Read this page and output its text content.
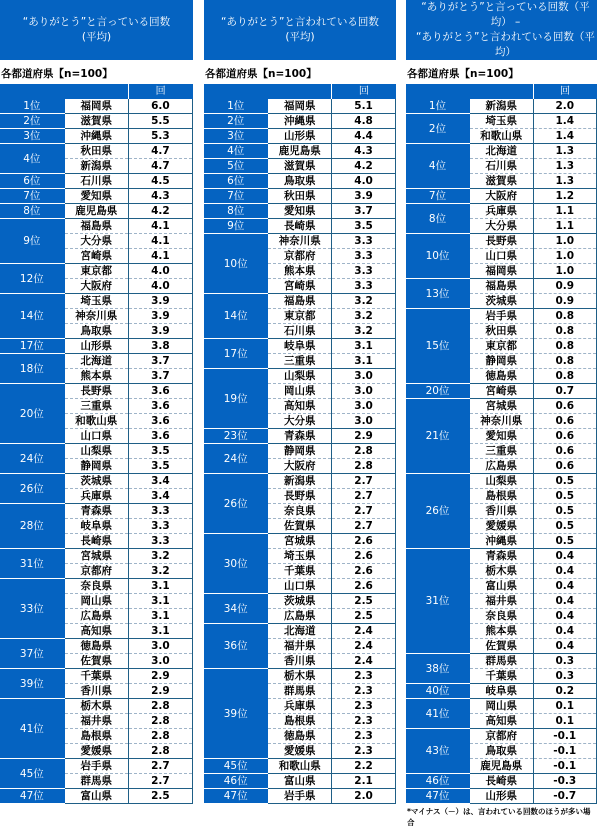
“ありがとう”と言っている回数
(平均)
各都道府県【n=100】
		回
1位	福岡県	6.0
2位	滋賀県	5.5
3位	沖縄県	5.3
4位	秋田県	4.7
	新潟県	4.7
6位	石川県	4.5
7位	愛知県	4.3
8位	鹿児島県	4.2
9位	福島県	4.1
	大分県	4.1
	宮崎県	4.1
12位	東京都	4.0
	大阪府	4.0
14位	埼玉県	3.9
	神奈川県	3.9
	鳥取県	3.9
17位	山形県	3.8
18位	北海道	3.7
	熊本県	3.7
20位	長野県	3.6
	三重県	3.6
	和歌山県	3.6
	山口県	3.6
24位	山梨県	3.5
	静岡県	3.5
26位	茨城県	3.4
	兵庫県	3.4
28位	青森県	3.3
	岐阜県	3.3
	長崎県	3.3
31位	宮城県	3.2
	京都府	3.2
33位	奈良県	3.1
	岡山県	3.1
	広島県	3.1
	高知県	3.1
37位	徳島県	3.0
	佐賀県	3.0
39位	千葉県	2.9
	香川県	2.9
41位	栃木県	2.8
	福井県	2.8
	島根県	2.8
	愛媛県	2.8
45位	岩手県	2.7
	群馬県	2.7
47位	富山県	2.5
“ありがとう”と言われている回数
(平均)
各都道府県【n=100】
		回
1位	福岡県	5.1
2位	沖縄県	4.8
3位	山形県	4.4
4位	鹿児島県	4.3
5位	滋賀県	4.2
6位	鳥取県	4.0
7位	秋田県	3.9
8位	愛知県	3.7
9位	長崎県	3.5
10位	神奈川県	3.3
	京都府	3.3
	熊本県	3.3
	宮崎県	3.3
14位	福島県	3.2
	東京都	3.2
	石川県	3.2
17位	岐阜県	3.1
	三重県	3.1
19位	山梨県	3.0
	岡山県	3.0
	高知県	3.0
	大分県	3.0
23位	青森県	2.9
24位	静岡県	2.8
	大阪府	2.8
26位	新潟県	2.7
	長野県	2.7
	奈良県	2.7
	佐賀県	2.7
30位	宮城県	2.6
	埼玉県	2.6
	千葉県	2.6
	山口県	2.6
34位	茨城県	2.5
	広島県	2.5
36位	北海道	2.4
	福井県	2.4
	香川県	2.4
39位	栃木県	2.3
	群馬県	2.3
	兵庫県	2.3
	島根県	2.3
	徳島県	2.3
	愛媛県	2.3
45位	和歌山県	2.2
46位	富山県	2.1
47位	岩手県	2.0
“ありがとう”と言っている回数（平均） –
“ありがとう”と言われている回数（平均）
各都道府県【n=100】
		回
1位	新潟県	2.0
2位	埼玉県	1.4
	和歌山県	1.4
4位	北海道	1.3
	石川県	1.3
	滋賀県	1.3
7位	大阪府	1.2
8位	兵庫県	1.1
	大分県	1.1
10位	長野県	1.0
	山口県	1.0
	福岡県	1.0
13位	福島県	0.9
	茨城県	0.9
15位	岩手県	0.8
	秋田県	0.8
	東京都	0.8
	静岡県	0.8
	徳島県	0.8
20位	宮崎県	0.7
21位	宮城県	0.6
	神奈川県	0.6
	愛知県	0.6
	三重県	0.6
	広島県	0.6
26位	山梨県	0.5
	島根県	0.5
	香川県	0.5
	愛媛県	0.5
	沖縄県	0.5
31位	青森県	0.4
	栃木県	0.4
	富山県	0.4
	福井県	0.4
	奈良県	0.4
	熊本県	0.4
	佐賀県	0.4
38位	群馬県	0.3
	千葉県	0.3
40位	岐阜県	0.2
41位	岡山県	0.1
	高知県	0.1
43位	京都府	-0.1
	鳥取県	-0.1
	鹿児島県	-0.1
46位	長崎県	-0.3
47位	山形県	-0.7
*マイナス（－）は、言われている回数のほうが多い場合
